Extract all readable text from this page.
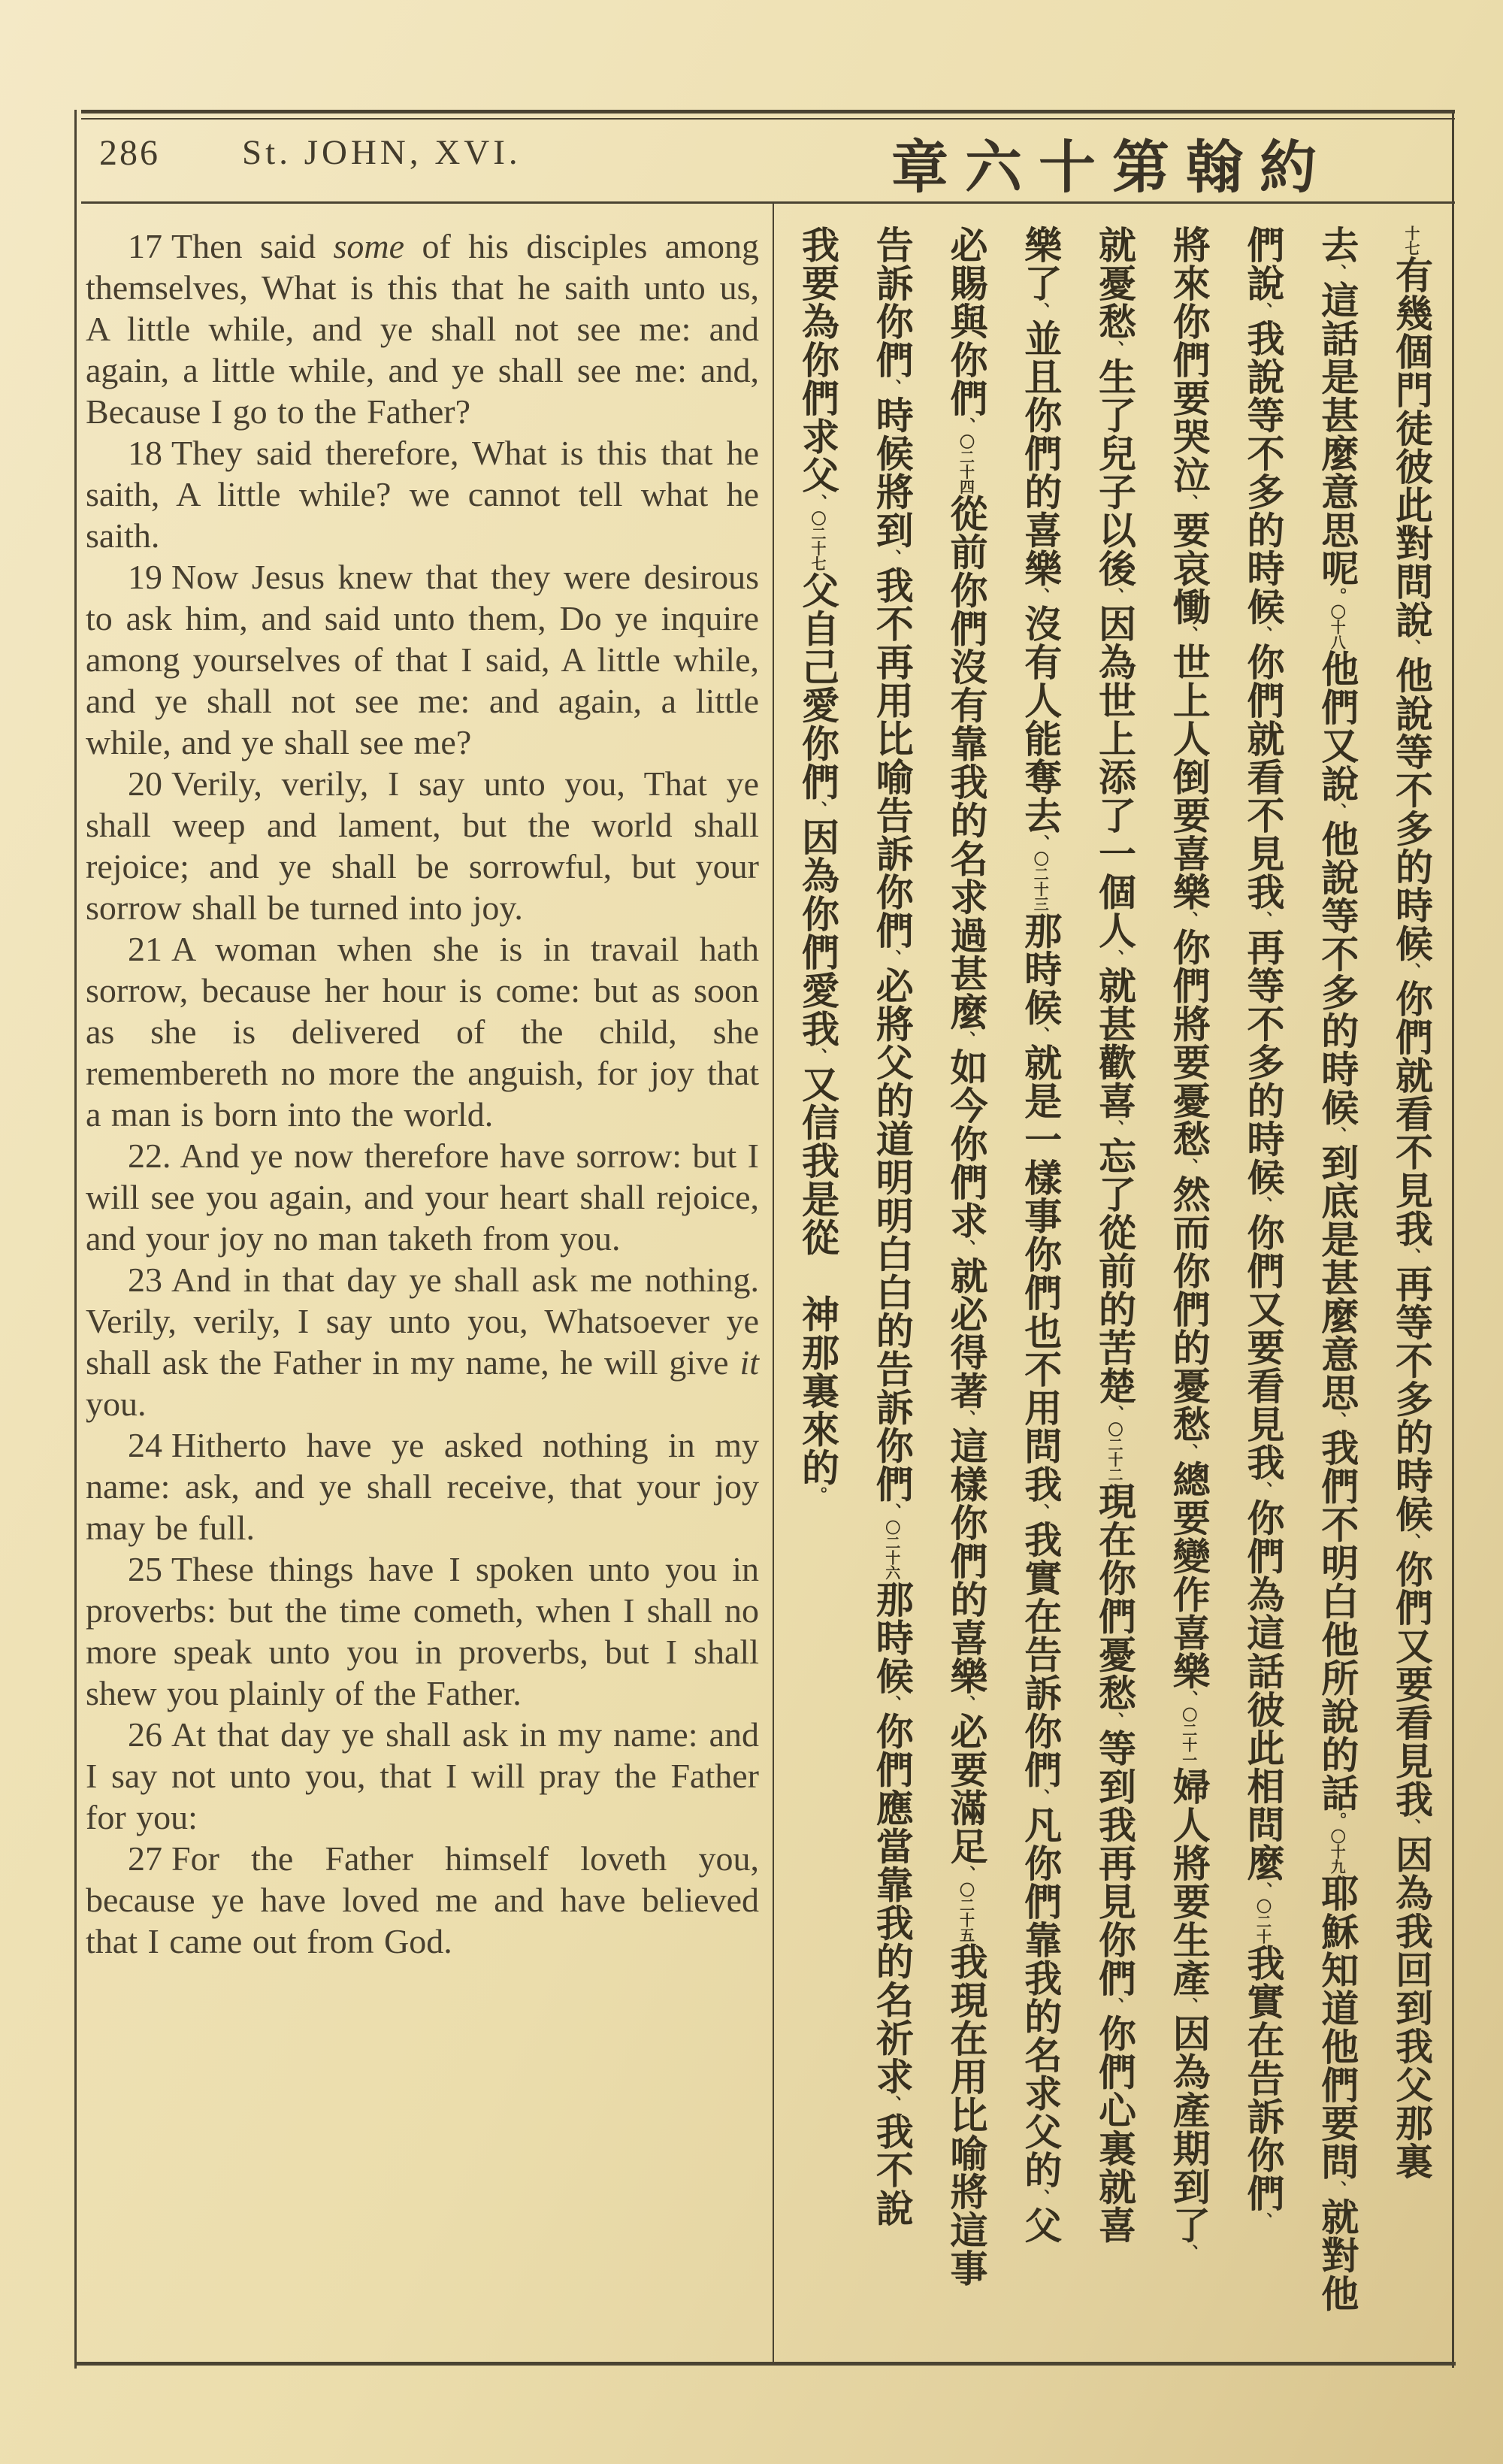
286 St. JOHN, XVI.	章六十第翰約

17 Then said some of his disciples among themselves, What is this that he saith unto us, A little while, and ye shall not see me: and again, a little while, and ye shall see me: and, Because I go to the Father?

18 They said therefore, What is this that he saith, A little while? we cannot tell what he saith.

19 Now Jesus knew that they were desirous to ask him, and said unto them, Do ye inquire among yourselves of that I said, A little while, and ye shall not see me: and again, a little while, and ye shall see me?

20 Verily, verily, I say unto you, That ye shall weep and lament, but the world shall rejoice; and ye shall be sorrowful, but your sorrow shall be turned into joy.

21 A woman when she is in travail hath sorrow, because her hour is come: but as soon as she is delivered of the child, she remembereth no more the anguish, for joy that a man is born into the world.

22. And ye now therefore have sorrow: but I will see you again, and your heart shall rejoice, and your joy no man taketh from you.

23 And in that day ye shall ask me nothing. Verily, verily, I say unto you, Whatsoever ye shall ask the Father in my name, he will give it you.

24 Hitherto have ye asked nothing in my name: ask, and ye shall receive, that your joy may be full.

25 These things have I spoken unto you in proverbs: but the time cometh, when I shall no more speak unto you in proverbs, but I shall shew you plainly of the Father.

26 At that day ye shall ask in my name: and I say not unto you, that I will pray the Father for you:

27 For the Father himself loveth you, because ye have loved me and have believed that I came out from God.

十七有幾個門徒彼此對問說、他說等不多的時候、你們就看不見我、再等不多的時候、你們又要看見我、因為我回到我父那裏
去、這話是甚麼意思呢。〇十八他們又說、他說等不多的時候、到底是甚麼意思、我們不明白他所說的話。〇十九耶穌知道他們要問、就對他
們說、我說等不多的時候、你們就看不見我、再等不多的時候、你們又要看見我、你們為這話彼此相問麼、〇二十我實在告訴你們、
將來你們要哭泣、要哀慟、世上人倒要喜樂、你們將要憂愁、然而你們的憂愁、總要變作喜樂、〇二十一婦人將要生產、因為產期到了、
就憂愁、生了兒子以後、因為世上添了一個人、就甚歡喜、忘了從前的苦楚、〇二十二現在你們憂愁、等到我再見你們、你們心裏就喜
樂了、並且你們的喜樂、沒有人能奪去、〇二十三那時候、就是一樣事你們也不用問我、我實在告訴你們、凡你們靠我的名求父的、父
必賜與你們、〇二十四從前你們沒有靠我的名求過甚麼、如今你們求、就必得著、這樣你們的喜樂、必要滿足、〇二十五我現在用比喻將這事
告訴你們、時候將到、我不再用比喻告訴你們、必將父的道明明白白的告訴你們、〇二十六那時候、你們應當靠我的名祈求、我不說
我要為你們求父、〇二十七父自己愛你們、因為你們愛我、又信我是從　神那裏來的。
